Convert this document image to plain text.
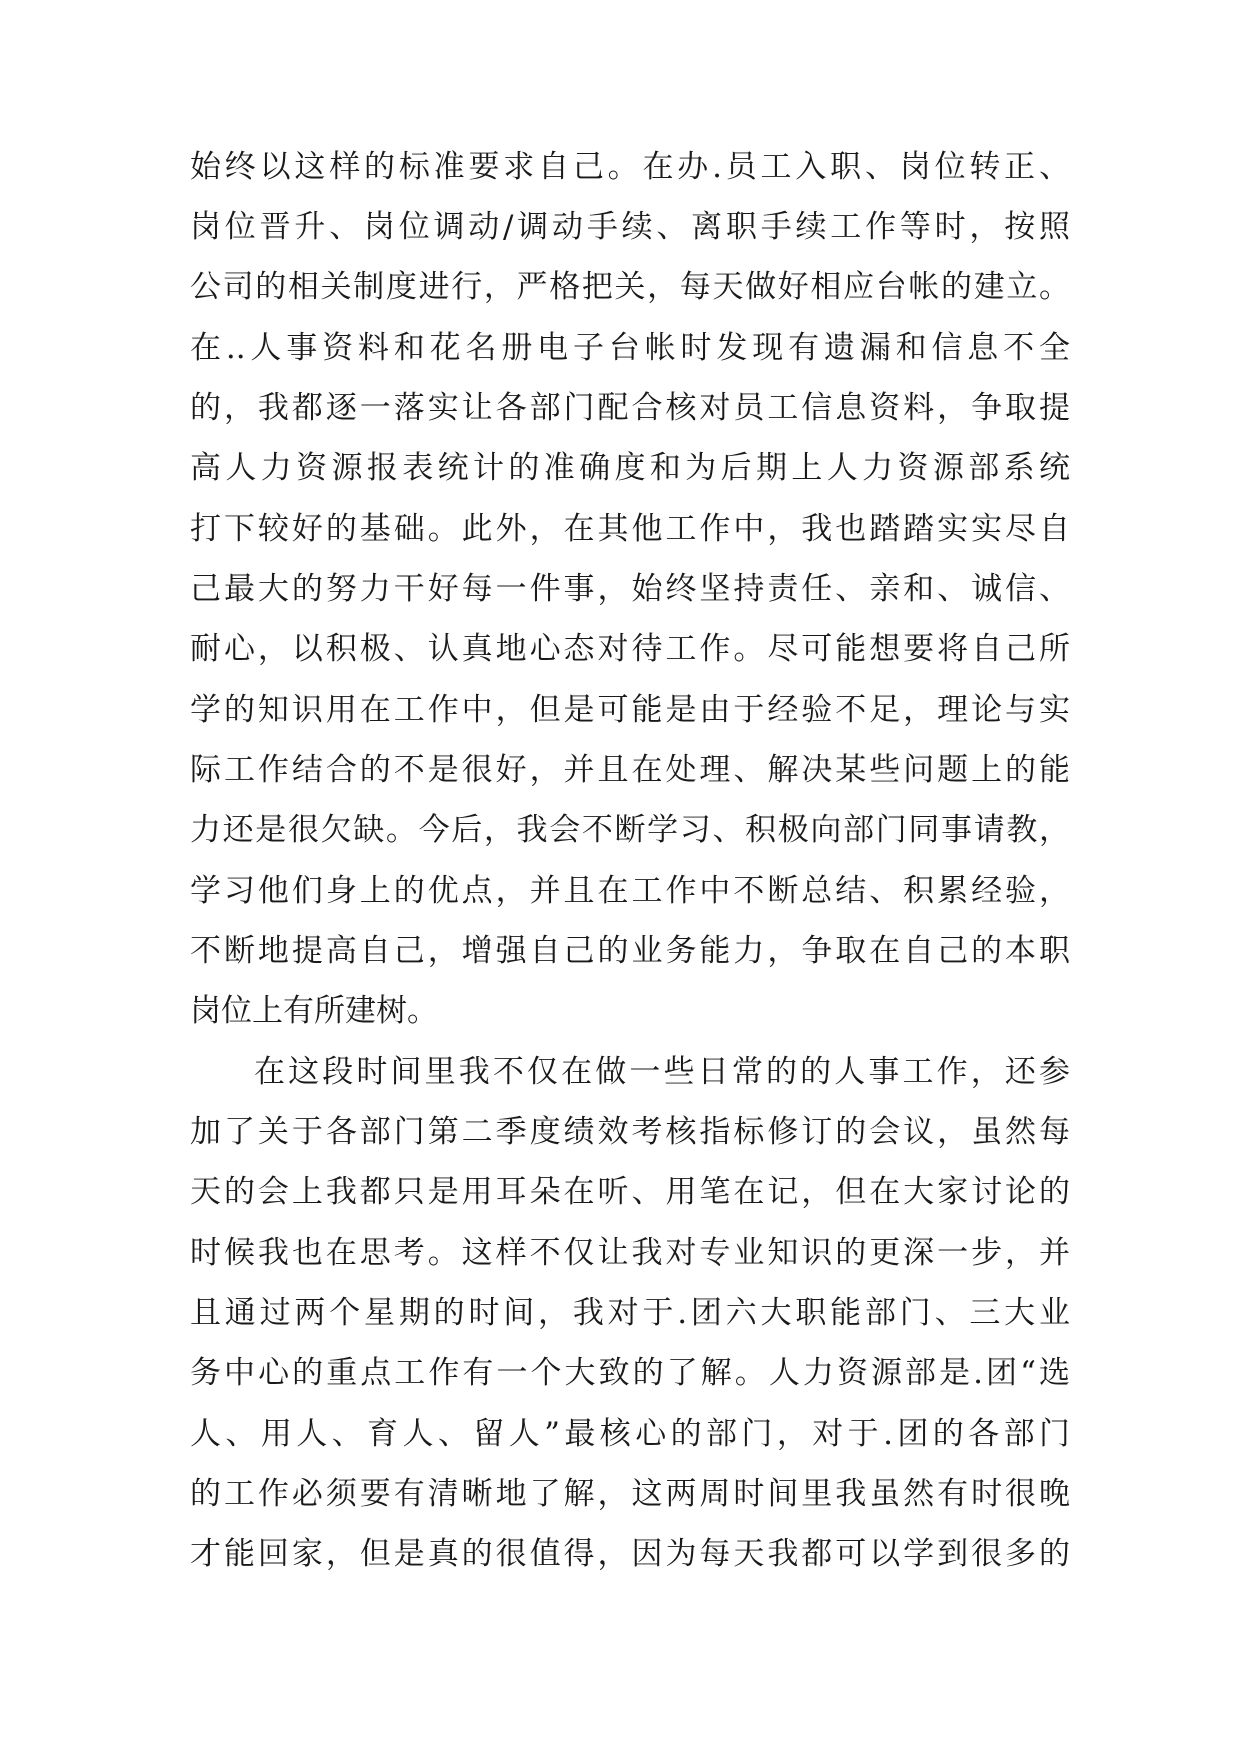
始终以这样的标准要求自己。在办.员工入职、岗位转正、

岗位晋升、岗位调动/调动手续、离职手续工作等时，按照

公司的相关制度进行，严格把关，每天做好相应台帐的建立。

在..人事资料和花名册电子台帐时发现有遗漏和信息不全

的，我都逐一落实让各部门配合核对员工信息资料，争取提

高人力资源报表统计的准确度和为后期上人力资源部系统

打下较好的基础。此外，在其他工作中，我也踏踏实实尽自

己最大的努力干好每一件事，始终坚持责任、亲和、诚信、

耐心，以积极、认真地心态对待工作。尽可能想要将自己所

学的知识用在工作中，但是可能是由于经验不足，理论与实

际工作结合的不是很好，并且在处理、解决某些问题上的能

力还是很欠缺。今后，我会不断学习、积极向部门同事请教，

学习他们身上的优点，并且在工作中不断总结、积累经验，

不断地提高自己，增强自己的业务能力，争取在自己的本职

岗位上有所建树。

在这段时间里我不仅在做一些日常的的人事工作，还参

加了关于各部门第二季度绩效考核指标修订的会议，虽然每

天的会上我都只是用耳朵在听、用笔在记，但在大家讨论的

时候我也在思考。这样不仅让我对专业知识的更深一步，并

且通过两个星期的时间，我对于.团六大职能部门、三大业

务中心的重点工作有一个大致的了解。人力资源部是.团“选

人、用人、育人、留人”最核心的部门，对于.团的各部门

的工作必须要有清晰地了解，这两周时间里我虽然有时很晚

才能回家，但是真的很值得，因为每天我都可以学到很多的
